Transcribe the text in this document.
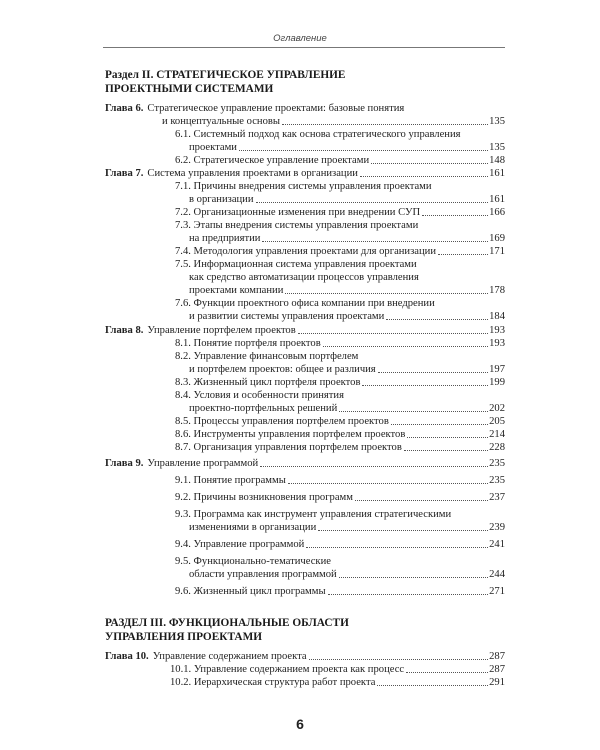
Оглавление
Раздел II. СТРАТЕГИЧЕСКОЕ УПРАВЛЕНИЕ
ПРОЕКТНЫМИ СИСТЕМАМИ
Глава 6. Стратегическое управление проектами: базовые понятия
и концептуальные основы	135
6.1. Системный подход как основа стратегического управления
проектами	135
6.2. Стратегическое управление проектами	148
Глава 7. Система управления проектами в организации	161
7.1. Причины внедрения системы управления проектами
в организации	161
7.2. Организационные изменения при внедрении СУП	166
7.3. Этапы внедрения системы управления проектами
на предприятии	169
7.4. Методология управления проектами для организации	171
7.5. Информационная система управления проектами
как средство автоматизации процессов управления
проектами компании	178
7.6. Функции проектного офиса компании при внедрении
и развитии системы управления проектами	184
Глава 8. Управление портфелем проектов	193
8.1. Понятие портфеля проектов	193
8.2. Управление финансовым портфелем
и портфелем проектов: общее и различия	197
8.3. Жизненный цикл портфеля проектов	199
8.4. Условия и особенности принятия
проектно-портфельных решений	202
8.5. Процессы управления портфелем проектов	205
8.6. Инструменты управления портфелем проектов	214
8.7. Организация управления портфелем проектов	228
Глава 9. Управление программой	235
9.1. Понятие программы	235
9.2. Причины возникновения программ	237
9.3. Программа как инструмент управления стратегическими
изменениями в организации	239
9.4. Управление программой	241
9.5. Функционально-тематические
области управления программой	244
9.6. Жизненный цикл программы	271
РАЗДЕЛ III. ФУНКЦИОНАЛЬНЫЕ ОБЛАСТИ
УПРАВЛЕНИЯ ПРОЕКТАМИ
Глава 10. Управление содержанием проекта	287
10.1. Управление содержанием проекта как процесс	287
10.2. Иерархическая структура работ проекта	291
6
